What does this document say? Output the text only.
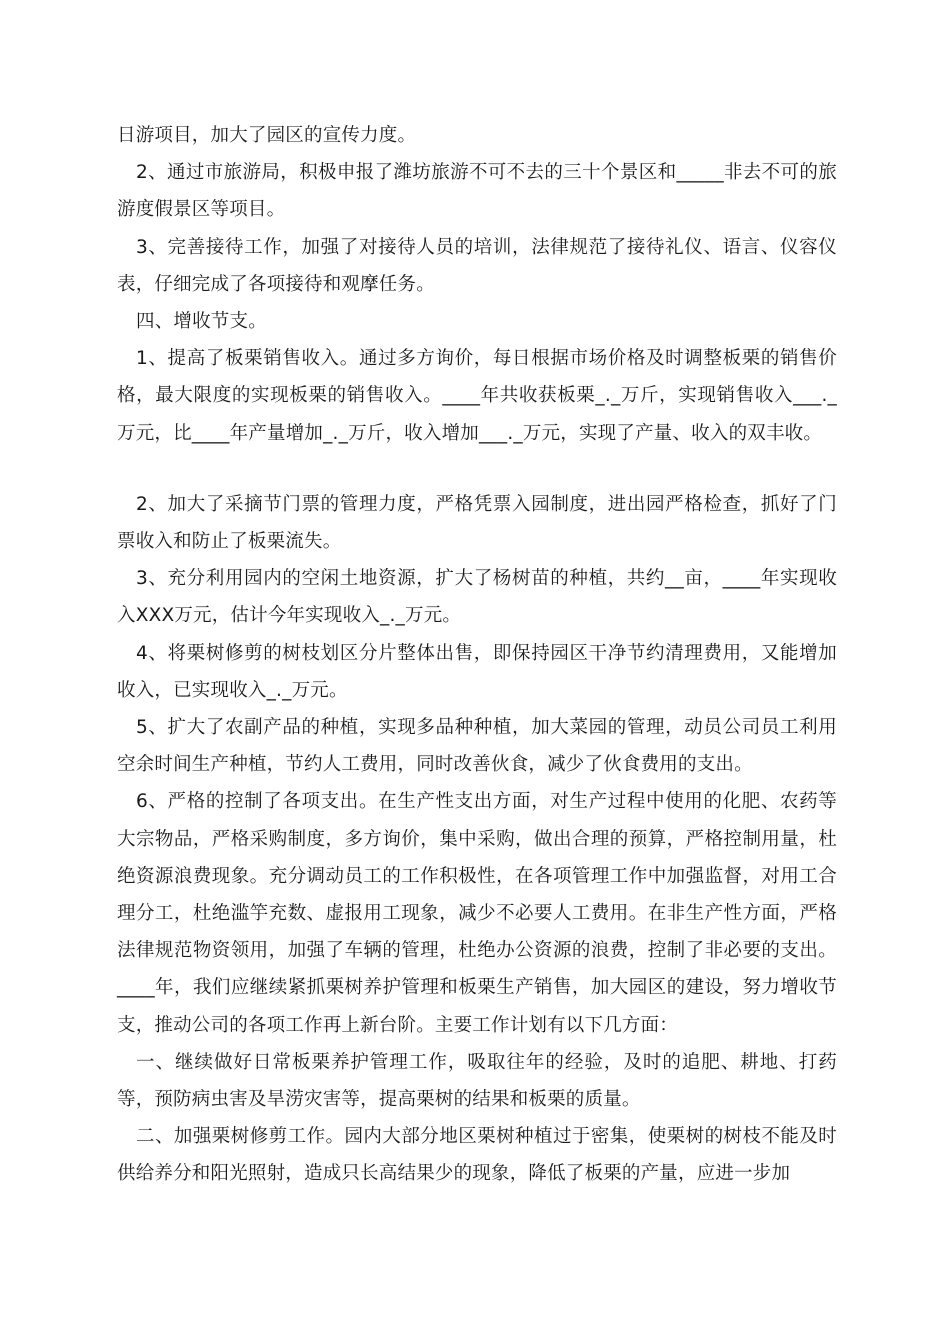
日游项目，加大了园区的宣传力度。

2、通过市旅游局，积极申报了潍坊旅游不可不去的三十个景区和_____非去不可的旅游度假景区等项目。

3、完善接待工作，加强了对接待人员的培训，法律规范了接待礼仪、语言、仪容仪表，仔细完成了各项接待和观摩任务。

四、增收节支。

1、提高了板栗销售收入。通过多方询价，每日根据市场价格及时调整板栗的销售价格，最大限度的实现板栗的销售收入。____年共收获板栗_._万斤，实现销售收入___._万元，比____年产量增加_._万斤，收入增加___._万元，实现了产量、收入的双丰收。

2、加大了采摘节门票的管理力度，严格凭票入园制度，进出园严格检查，抓好了门票收入和防止了板栗流失。

3、充分利用园内的空闲土地资源，扩大了杨树苗的种植，共约__亩，____年实现收入XXX万元，估计今年实现收入_._万元。

4、将栗树修剪的树枝划区分片整体出售，即保持园区干净节约清理费用，又能增加收入，已实现收入_._万元。

5、扩大了农副产品的种植，实现多品种种植，加大菜园的管理，动员公司员工利用空余时间生产种植，节约人工费用，同时改善伙食，减少了伙食费用的支出。

6、严格的控制了各项支出。在生产性支出方面，对生产过程中使用的化肥、农药等大宗物品，严格采购制度，多方询价，集中采购，做出合理的预算，严格控制用量，杜绝资源浪费现象。充分调动员工的工作积极性，在各项管理工作中加强监督，对用工合理分工，杜绝滥竽充数、虚报用工现象，减少不必要人工费用。在非生产性方面，严格法律规范物资领用，加强了车辆的管理，杜绝办公资源的浪费，控制了非必要的支出。____年，我们应继续紧抓栗树养护管理和板栗生产销售，加大园区的建设，努力增收节支，推动公司的各项工作再上新台阶。主要工作计划有以下几方面：

一、继续做好日常板栗养护管理工作，吸取往年的经验，及时的追肥、耕地、打药等，预防病虫害及旱涝灾害等，提高栗树的结果和板栗的质量。

二、加强栗树修剪工作。园内大部分地区栗树种植过于密集，使栗树的树枝不能及时供给养分和阳光照射，造成只长高结果少的现象，降低了板栗的产量，应进一步加
